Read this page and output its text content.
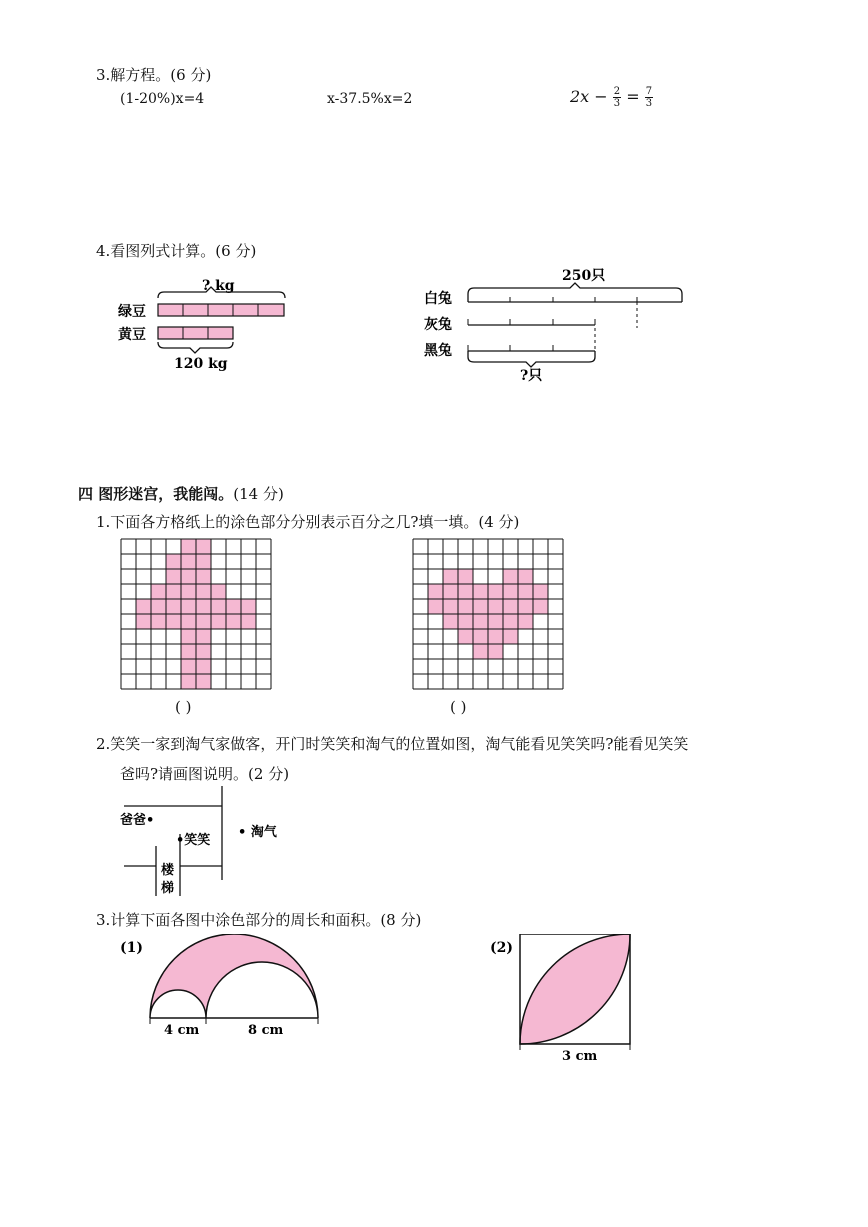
3.解方程。(6 分)
(1-20%)x=4	x-37.5%x=2	$2x - \frac{2}{3} = \frac{7}{3}$
4.看图列式计算。(6 分)
? kg
绿豆
黄豆
120 kg
250只
白兔
灰兔
黑兔
?只
四 图形迷宫，我能闯。(14 分)
1.下面各方格纸上的涂色部分分别表示百分之几?填一填。(4 分)
( )	( )
2.笑笑一家到淘气家做客，开门时笑笑和淘气的位置如图，淘气能看见笑笑吗?能看见笑笑
爸吗?请画图说明。(2 分)
爸爸•
•笑笑
• 淘气
楼
梯
3.计算下面各图中涂色部分的周长和面积。(8 分)
(1)
4 cm	8 cm
(2)
3 cm
